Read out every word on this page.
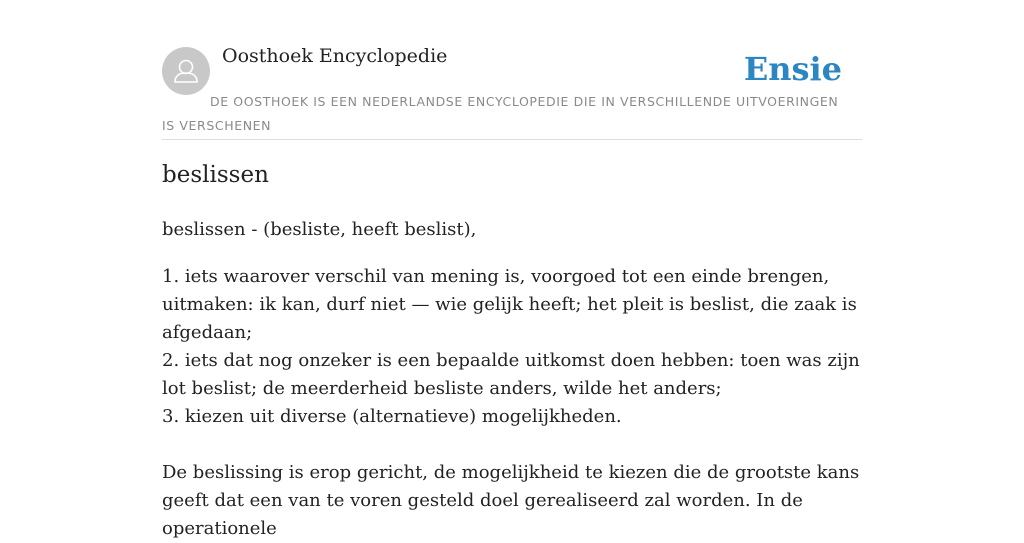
Oosthoek Encyclopedie	Ensie
DE OOSTHOEK IS EEN NEDERLANDSE ENCYCLOPEDIE DIE IN VERSCHILLENDE UITVOERINGEN IS VERSCHENEN
beslissen
beslissen - (besliste, heeft beslist),

1. iets waarover verschil van mening is, voorgoed tot een einde brengen, uitmaken: ik kan, durf niet — wie gelijk heeft; het pleit is beslist, die zaak is afgedaan;

2. iets dat nog onzeker is een bepaalde uitkomst doen hebben: toen was zijn lot beslist; de meerderheid besliste anders, wilde het anders;

3. kiezen uit diverse (alternatieve) mogelijkheden.

De beslissing is erop gericht, de mogelijkheid te kiezen die de grootste kans geeft dat een van te voren gesteld doel gerealiseerd zal worden. In de operationele
